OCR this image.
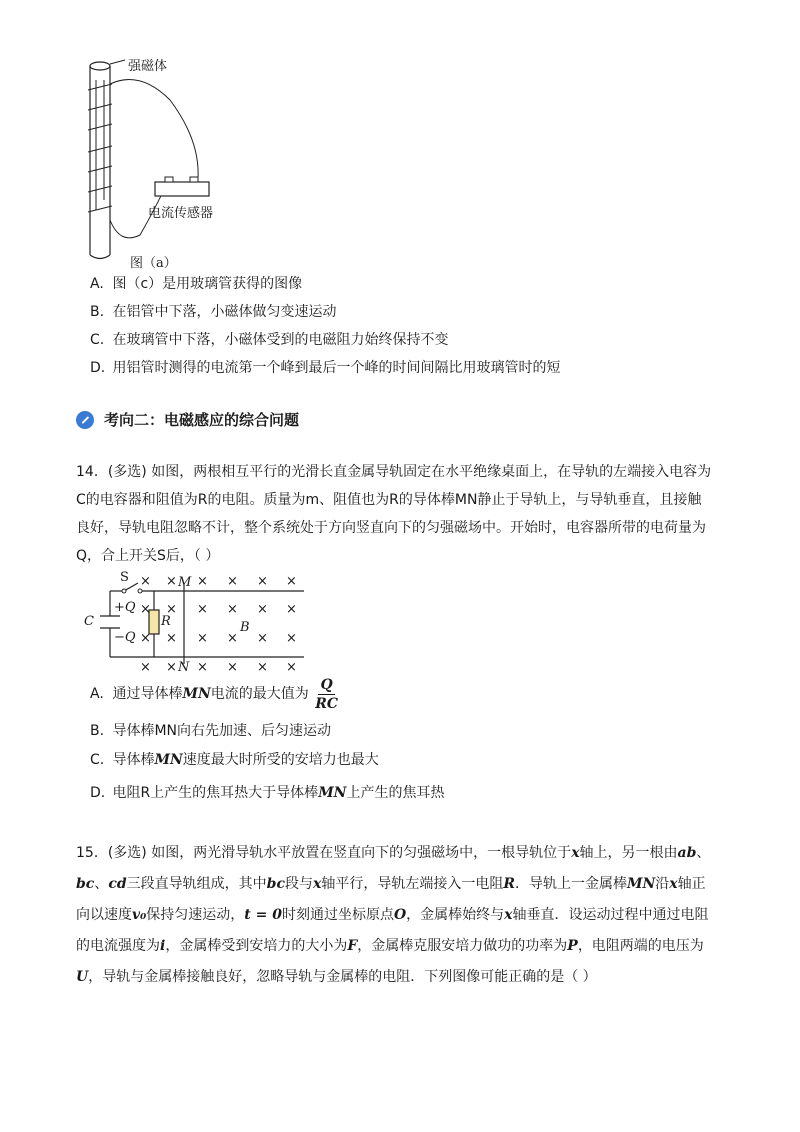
强磁体
电流传感器
图（a）
A. 图（c）是用玻璃管获得的图像
B. 在铝管中下落，小磁体做匀变速运动
C. 在玻璃管中下落，小磁体受到的电磁阻力始终保持不变
D. 用铝管时测得的电流第一个峰到最后一个峰的时间间隔比用玻璃管时的短
考向二：电磁感应的综合问题
14．(多选) 如图，两根相互平行的光滑长直金属导轨固定在水平绝缘桌面上，在导轨的左端接入电容为
C的电容器和阻值为R的电阻。质量为m、阻值也为R的导体棒MN静止于导轨上，与导轨垂直，且接触
良好，导轨电阻忽略不计，整个系统处于方向竖直向下的匀强磁场中。开始时，电容器所带的电荷量为
Q，合上开关S后，（ ）
× × × × × ×
× × × × × ×
× × × × × ×
× × × × × ×
S	M
N
C	R	B
+Q
−Q
A. 通过导体棒MN电流的最大值为 $\frac{Q}{RC}$
B. 导体棒MN向右先加速、后匀速运动
C. 导体棒MN速度最大时所受的安培力也最大
D. 电阻R上产生的焦耳热大于导体棒MN上产生的焦耳热
15．(多选) 如图，两光滑导轨水平放置在竖直向下的匀强磁场中，一根导轨位于x轴上，另一根由ab、
bc、cd三段直导轨组成，其中bc段与x轴平行，导轨左端接入一电阻R．导轨上一金属棒MN沿x轴正
向以速度v₀保持匀速运动，t = 0时刻通过坐标原点O，金属棒始终与x轴垂直．设运动过程中通过电阻
的电流强度为i，金属棒受到安培力的大小为F，金属棒克服安培力做功的功率为P，电阻两端的电压为
U，导轨与金属棒接触良好，忽略导轨与金属棒的电阻．下列图像可能正确的是（ ）
